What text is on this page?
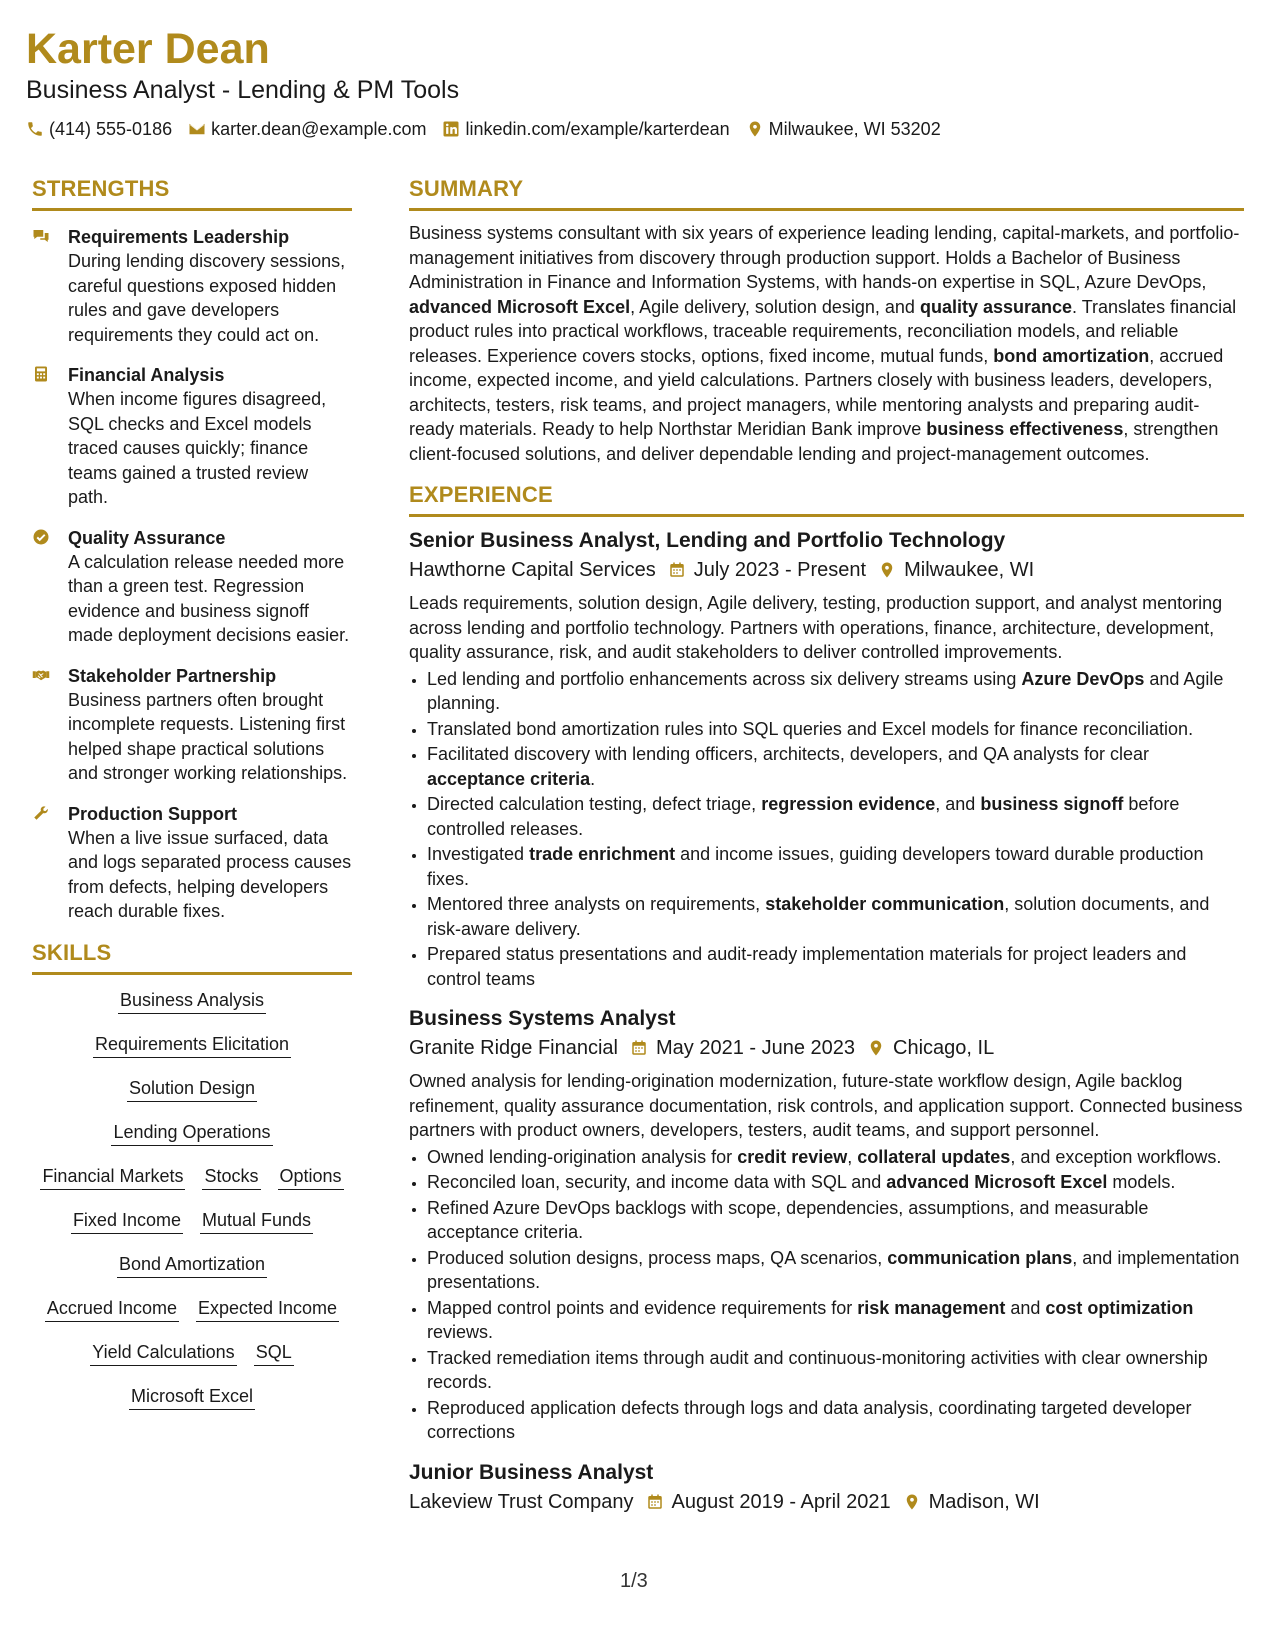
Karter Dean
Business Analyst - Lending & PM Tools
(414) 555-0186 karter.dean@example.com linkedin.com/example/karterdean Milwaukee, WI 53202
STRENGTHS
Requirements Leadership
During lending discovery sessions, careful questions exposed hidden rules and gave developers requirements they could act on.
Financial Analysis
When income figures disagreed, SQL checks and Excel models traced causes quickly; finance teams gained a trusted review path.
Quality Assurance
A calculation release needed more than a green test. Regression evidence and business signoff made deployment decisions easier.
Stakeholder Partnership
Business partners often brought incomplete requests. Listening first helped shape practical solutions and stronger working relationships.
Production Support
When a live issue surfaced, data and logs separated process causes from defects, helping developers reach durable fixes.
SKILLS
Business Analysis
Requirements Elicitation
Solution Design
Lending Operations
Financial Markets Stocks Options
Fixed Income Mutual Funds
Bond Amortization
Accrued Income Expected Income
Yield Calculations SQL
Microsoft Excel
SUMMARY
Business systems consultant with six years of experience leading lending, capital-markets, and portfolio-management initiatives from discovery through production support. Holds a Bachelor of Business Administration in Finance and Information Systems, with hands-on expertise in SQL, Azure DevOps, advanced Microsoft Excel, Agile delivery, solution design, and quality assurance. Translates financial product rules into practical workflows, traceable requirements, reconciliation models, and reliable releases. Experience covers stocks, options, fixed income, mutual funds, bond amortization, accrued income, expected income, and yield calculations. Partners closely with business leaders, developers, architects, testers, risk teams, and project managers, while mentoring analysts and preparing audit-ready materials. Ready to help Northstar Meridian Bank improve business effectiveness, strengthen client-focused solutions, and deliver dependable lending and project-management outcomes.
EXPERIENCE
Senior Business Analyst, Lending and Portfolio Technology
Hawthorne Capital Services July 2023 - Present Milwaukee, WI
Leads requirements, solution design, Agile delivery, testing, production support, and analyst mentoring across lending and portfolio technology. Partners with operations, finance, architecture, development, quality assurance, risk, and audit stakeholders to deliver controlled improvements.
• Led lending and portfolio enhancements across six delivery streams using Azure DevOps and Agile planning.
• Translated bond amortization rules into SQL queries and Excel models for finance reconciliation.
• Facilitated discovery with lending officers, architects, developers, and QA analysts for clear acceptance criteria.
• Directed calculation testing, defect triage, regression evidence, and business signoff before controlled releases.
• Investigated trade enrichment and income issues, guiding developers toward durable production fixes.
• Mentored three analysts on requirements, stakeholder communication, solution documents, and risk-aware delivery.
• Prepared status presentations and audit-ready implementation materials for project leaders and control teams
Business Systems Analyst
Granite Ridge Financial May 2021 - June 2023 Chicago, IL
Owned analysis for lending-origination modernization, future-state workflow design, Agile backlog refinement, quality assurance documentation, risk controls, and application support. Connected business partners with product owners, developers, testers, audit teams, and support personnel.
• Owned lending-origination analysis for credit review, collateral updates, and exception workflows.
• Reconciled loan, security, and income data with SQL and advanced Microsoft Excel models.
• Refined Azure DevOps backlogs with scope, dependencies, assumptions, and measurable acceptance criteria.
• Produced solution designs, process maps, QA scenarios, communication plans, and implementation presentations.
• Mapped control points and evidence requirements for risk management and cost optimization reviews.
• Tracked remediation items through audit and continuous-monitoring activities with clear ownership records.
• Reproduced application defects through logs and data analysis, coordinating targeted developer corrections
Junior Business Analyst
Lakeview Trust Company August 2019 - April 2021 Madison, WI
1/3
